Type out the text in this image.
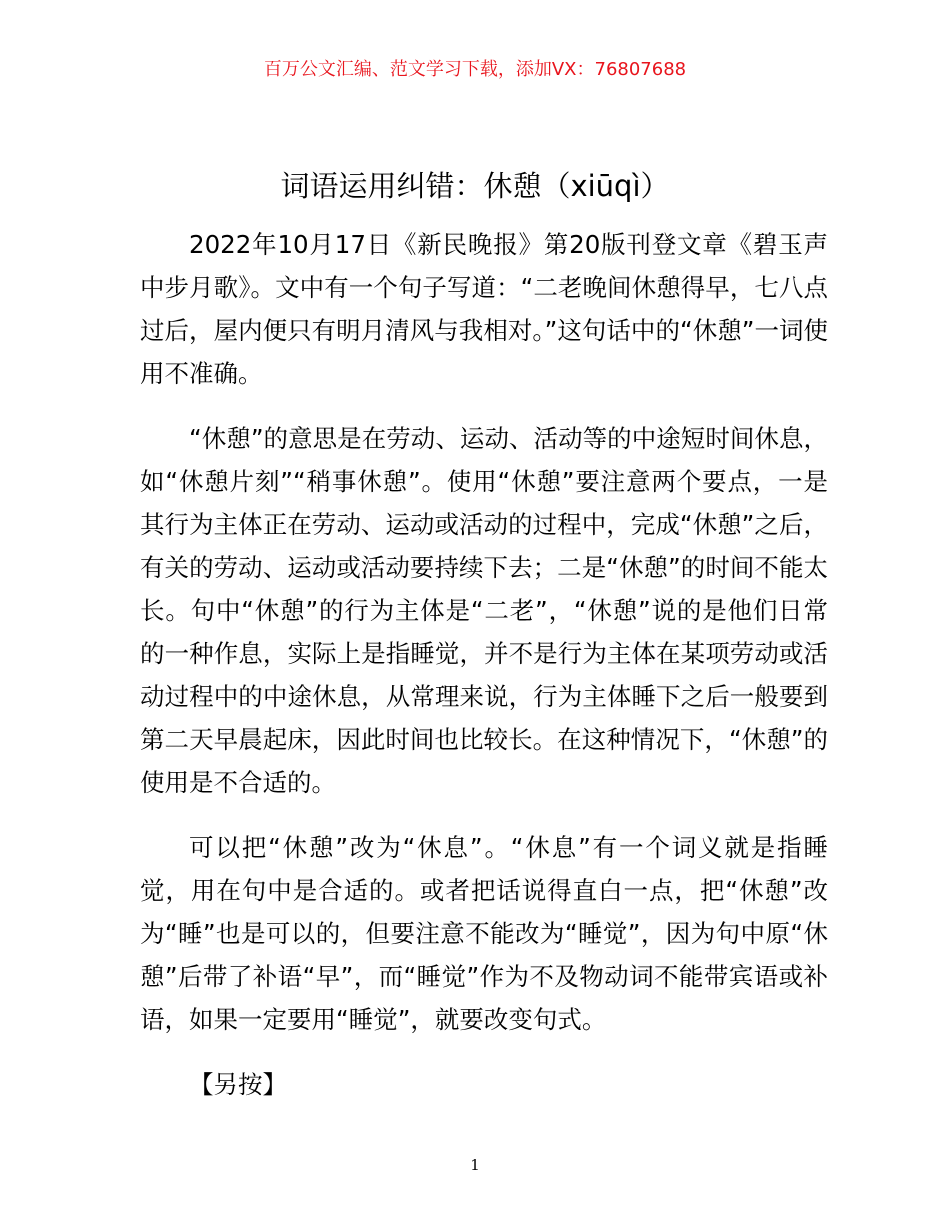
百万公文汇编、范文学习下载，添加VX：76807688
词语运用纠错：休憩（xiūqì）

2022年10月17日《新民晚报》第20版刊登文章《碧玉声中步月歌》。文中有一个句子写道：“二老晚间休憩得早，七八点过后，屋内便只有明月清风与我相对。”这句话中的“休憩”一词使用不准确。

“休憩”的意思是在劳动、运动、活动等的中途短时间休息，如“休憩片刻”“稍事休憩”。使用“休憩”要注意两个要点，一是其行为主体正在劳动、运动或活动的过程中，完成“休憩”之后，有关的劳动、运动或活动要持续下去；二是“休憩”的时间不能太长。句中“休憩”的行为主体是“二老”，“休憩”说的是他们日常的一种作息，实际上是指睡觉，并不是行为主体在某项劳动或活动过程中的中途休息，从常理来说，行为主体睡下之后一般要到第二天早晨起床，因此时间也比较长。在这种情况下，“休憩”的使用是不合适的。

可以把“休憩”改为“休息”。“休息”有一个词义就是指睡觉，用在句中是合适的。或者把话说得直白一点，把“休憩”改为“睡”也是可以的，但要注意不能改为“睡觉”，因为句中原“休憩”后带了补语“早”，而“睡觉”作为不及物动词不能带宾语或补语，如果一定要用“睡觉”，就要改变句式。

【另按】

1
